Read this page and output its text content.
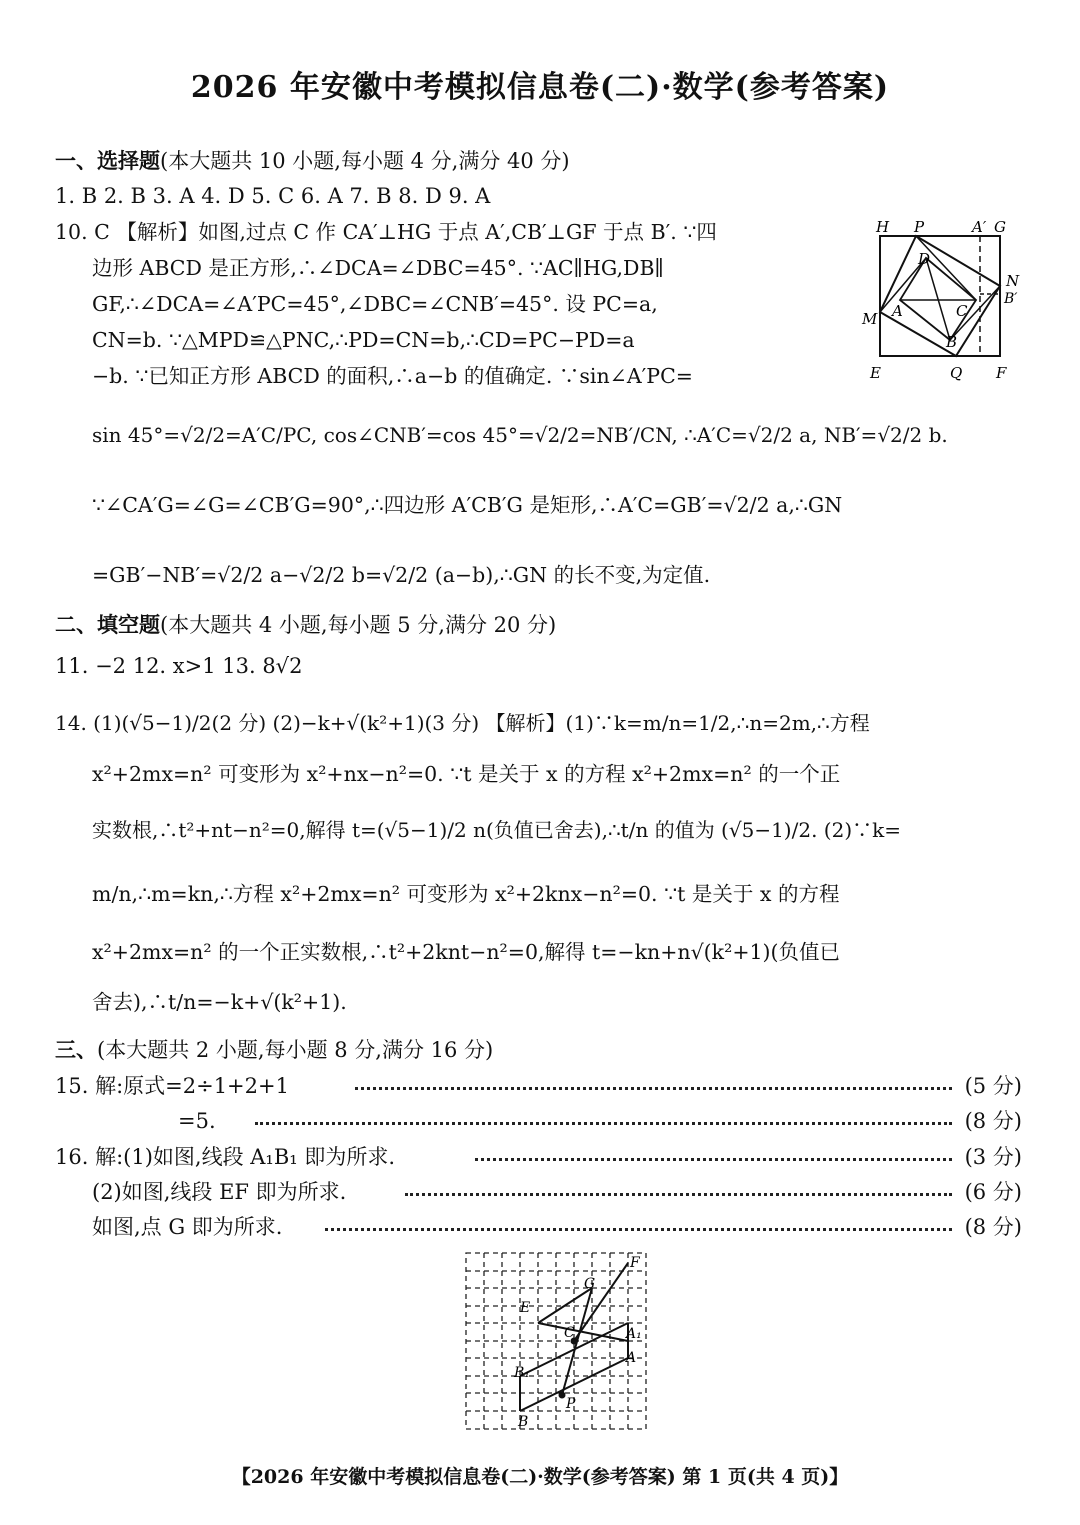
2026 年安徽中考模拟信息卷(二)·数学(参考答案)
一、选择题(本大题共 10 小题,每小题 4 分,满分 40 分)
1. B 2. B 3. A 4. D 5. C 6. A 7. B 8. D 9. A
10. C 【解析】如图,过点 C 作 CA′⊥HG 于点 A′,CB′⊥GF 于点 B′. ∵四
边形 ABCD 是正方形,∴∠DCA=∠DBC=45°. ∵AC∥HG,DB∥
GF,∴∠DCA=∠A′PC=45°,∠DBC=∠CNB′=45°. 设 PC=a,
CN=b. ∵△MPD≌△PNC,∴PD=CN=b,∴CD=PC−PD=a
−b. ∵已知正方形 ABCD 的面积,∴a−b 的值确定. ∵sin∠A′PC=
sin 45°=√2/2=A′C/PC, cos∠CNB′=cos 45°=√2/2=NB′/CN, ∴A′C=√2/2 a, NB′=√2/2 b.
∵∠CA′G=∠G=∠CB′G=90°,∴四边形 A′CB′G 是矩形,∴A′C=GB′=√2/2 a,∴GN
=GB′−NB′=√2/2 a−√2/2 b=√2/2 (a−b),∴GN 的长不变,为定值.
H P	A′ G
D
N
B′
M A	C
B
E	Q F
二、填空题(本大题共 4 小题,每小题 5 分,满分 20 分)
11. −2 12. x>1 13. 8√2
14. (1)(√5−1)/2(2 分) (2)−k+√(k²+1)(3 分) 【解析】(1)∵k=m/n=1/2,∴n=2m,∴方程
x²+2mx=n² 可变形为 x²+nx−n²=0. ∵t 是关于 x 的方程 x²+2mx=n² 的一个正
实数根,∴t²+nt−n²=0,解得 t=(√5−1)/2 n(负值已舍去),∴t/n 的值为 (√5−1)/2. (2)∵k=
m/n,∴m=kn,∴方程 x²+2mx=n² 可变形为 x²+2knx−n²=0. ∵t 是关于 x 的方程
x²+2mx=n² 的一个正实数根,∴t²+2knt−n²=0,解得 t=−kn+n√(k²+1)(负值已
舍去),∴t/n=−k+√(k²+1).
三、(本大题共 2 小题,每小题 8 分,满分 16 分)
15. 解:原式=2÷1+2+1	(5 分)
=5.	(8 分)
16. 解:(1)如图,线段 A₁B₁ 即为所求.	(3 分)
(2)如图,线段 EF 即为所求.	(6 分)
如图,点 G 即为所求.	(8 分)
G
F
E
C	A₁
A
B₁
P
B
【2026 年安徽中考模拟信息卷(二)·数学(参考答案) 第 1 页(共 4 页)】
